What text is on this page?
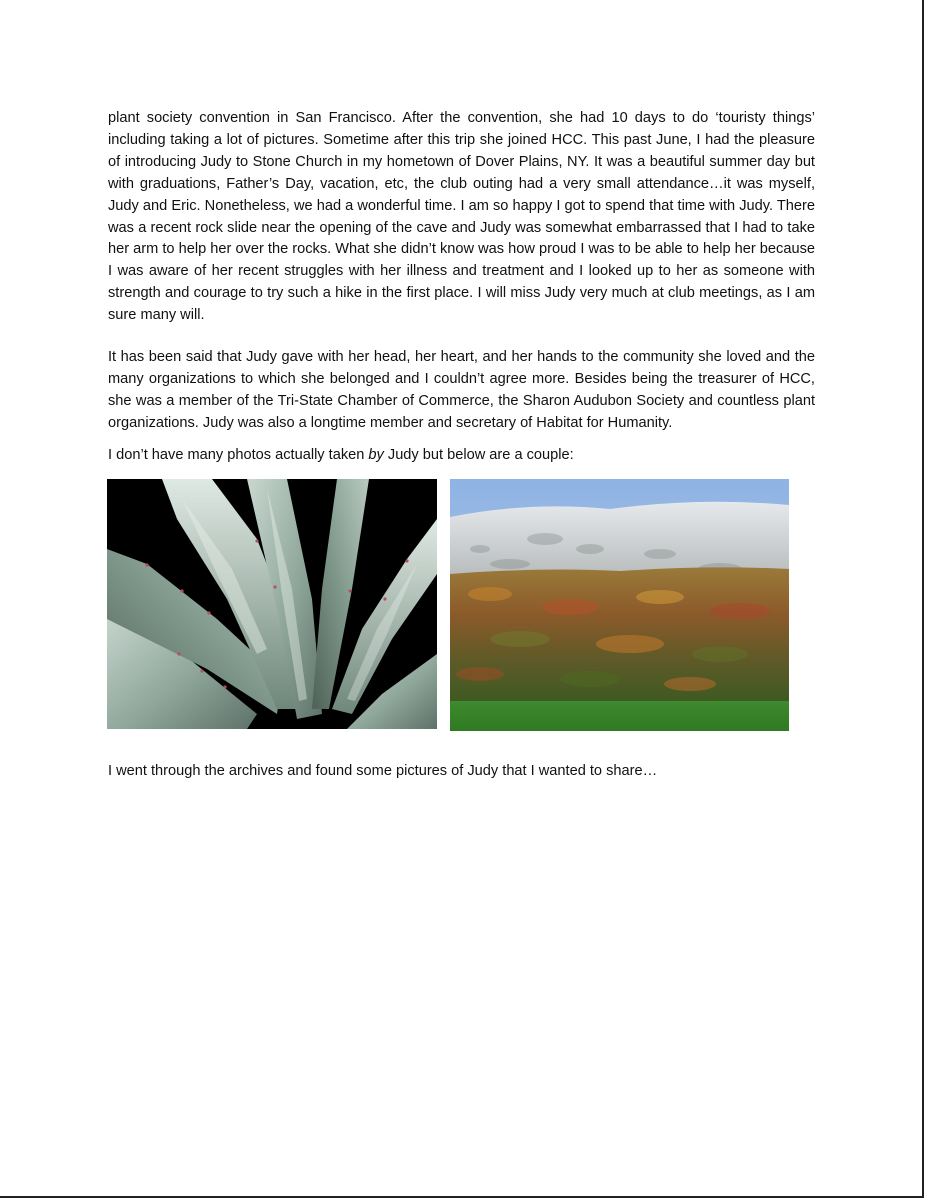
plant society convention in San Francisco. After the convention, she had 10 days to do ‘touristy things’ including taking a lot of pictures. Sometime after this trip she joined HCC. This past June, I had the pleasure of introducing Judy to Stone Church in my hometown of Dover Plains, NY. It was a beautiful summer day but with graduations, Father’s Day, vacation, etc, the club outing had a very small attendance…it was myself, Judy and Eric. Nonetheless, we had a wonderful time. I am so happy I got to spend that time with Judy. There was a recent rock slide near the opening of the cave and Judy was somewhat embarrassed that I had to take her arm to help her over the rocks. What she didn’t know was how proud I was to be able to help her because I was aware of her recent struggles with her illness and treatment and I looked up to her as someone with strength and courage to try such a hike in the first place. I will miss Judy very much at club meetings, as I am sure many will.

It has been said that Judy gave with her head, her heart, and her hands to the community she loved and the many organizations to which she belonged and I couldn’t agree more. Besides being the treasurer of HCC, she was a member of the Tri-State Chamber of Commerce, the Sharon Audubon Society and countless plant organizations. Judy was also a longtime member and secretary of Habitat for Humanity.

I don’t have many photos actually taken by Judy but below are a couple:

I went through the archives and found some pictures of Judy that I wanted to share…
